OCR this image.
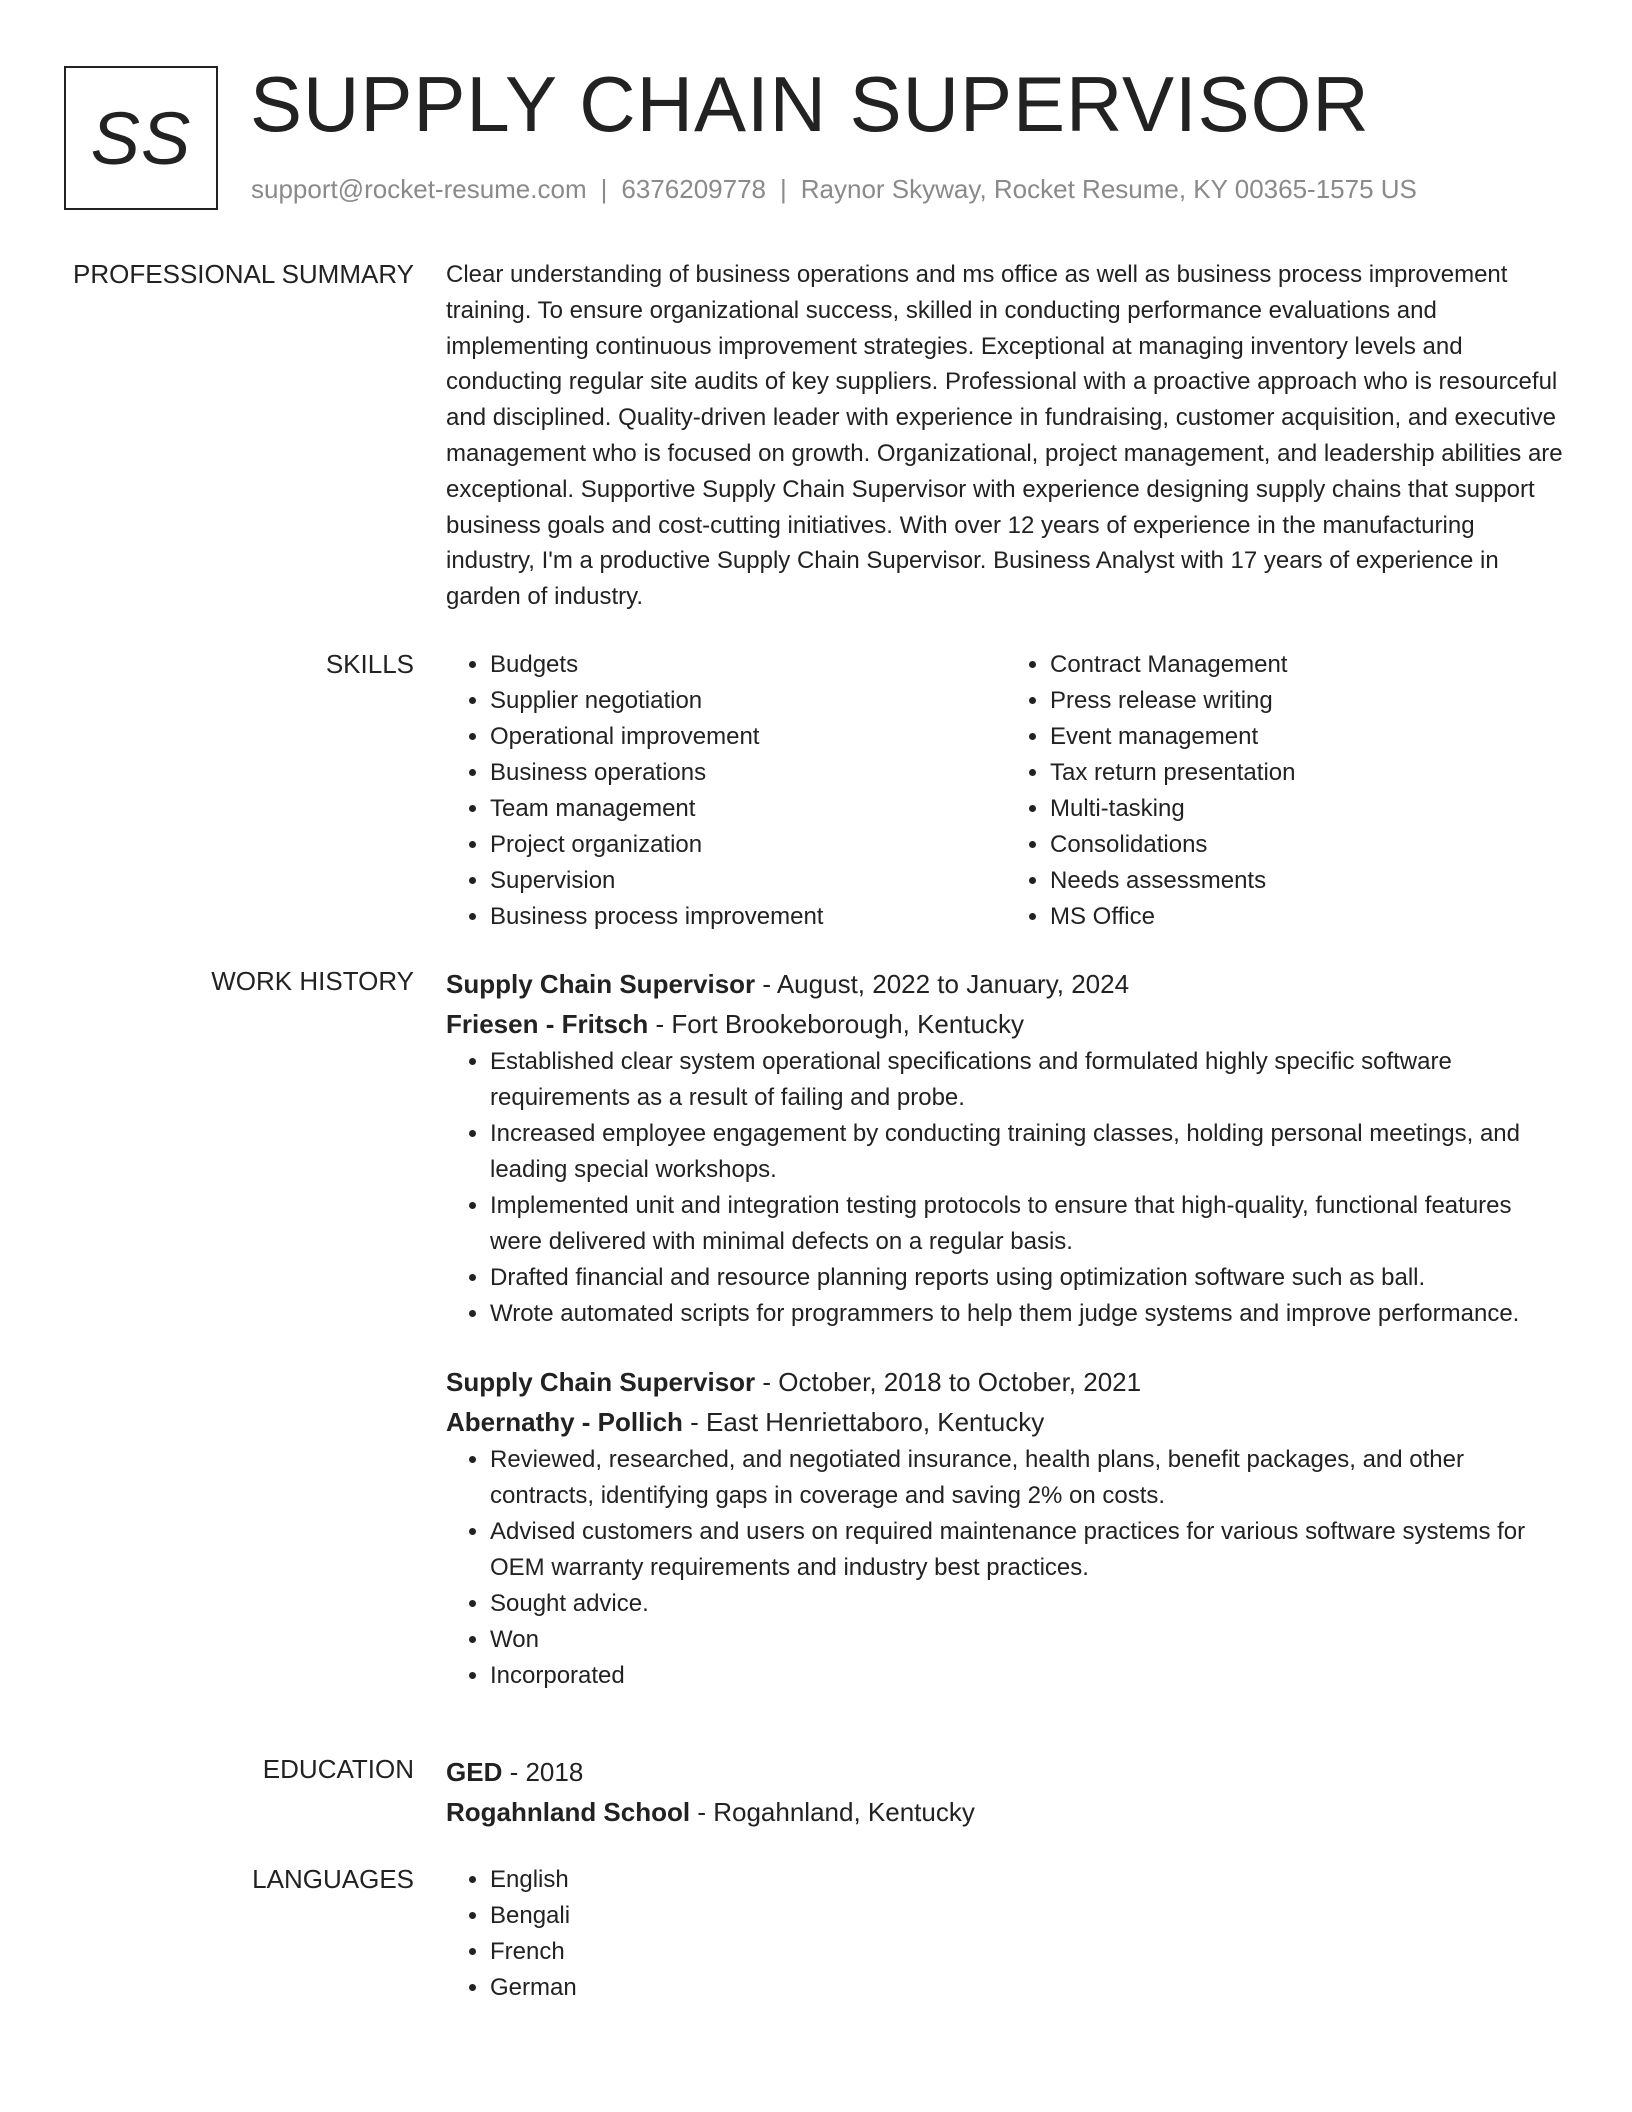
SS SUPPLY CHAIN SUPERVISOR
support@rocket-resume.com | 6376209778 | Raynor Skyway, Rocket Resume, KY 00365-1575 US
PROFESSIONAL SUMMARY Clear understanding of business operations and ms office as well as business process improvement training. To ensure organizational success, skilled in conducting performance evaluations and implementing continuous improvement strategies. Exceptional at managing inventory levels and conducting regular site audits of key suppliers. Professional with a proactive approach who is resourceful and disciplined. Quality-driven leader with experience in fundraising, customer acquisition, and executive management who is focused on growth. Organizational, project management, and leadership abilities are exceptional. Supportive Supply Chain Supervisor with experience designing supply chains that support business goals and cost-cutting initiatives. With over 12 years of experience in the manufacturing industry, I'm a productive Supply Chain Supervisor. Business Analyst with 17 years of experience in garden of industry.

SKILLS	• Budgets
• Supplier negotiation
• Operational improvement
• Business operations
• Team management
• Project organization
• Supervision
• Business process improvement
• Contract Management
• Press release writing
• Event management
• Tax return presentation
• Multi-tasking
• Consolidations
• Needs assessments
• MS Office
WORK HISTORY Supply Chain Supervisor - August, 2022 to January, 2024
Friesen - Fritsch - Fort Brookeborough, Kentucky
• Established clear system operational specifications and formulated highly specific software requirements as a result of failing and probe.
• Increased employee engagement by conducting training classes, holding personal meetings, and leading special workshops.
• Implemented unit and integration testing protocols to ensure that high-quality, functional features were delivered with minimal defects on a regular basis.
• Drafted financial and resource planning reports using optimization software such as ball.
• Wrote automated scripts for programmers to help them judge systems and improve performance.
Supply Chain Supervisor - October, 2018 to October, 2021
Abernathy - Pollich - East Henriettaboro, Kentucky
• Reviewed, researched, and negotiated insurance, health plans, benefit packages, and other contracts, identifying gaps in coverage and saving 2% on costs.
• Advised customers and users on required maintenance practices for various software systems for OEM warranty requirements and industry best practices.
• Sought advice.
• Won
• Incorporated
EDUCATION GED - 2018
Rogahnland School - Rogahnland, Kentucky
LANGUAGES	• English
• Bengali
• French
• German
